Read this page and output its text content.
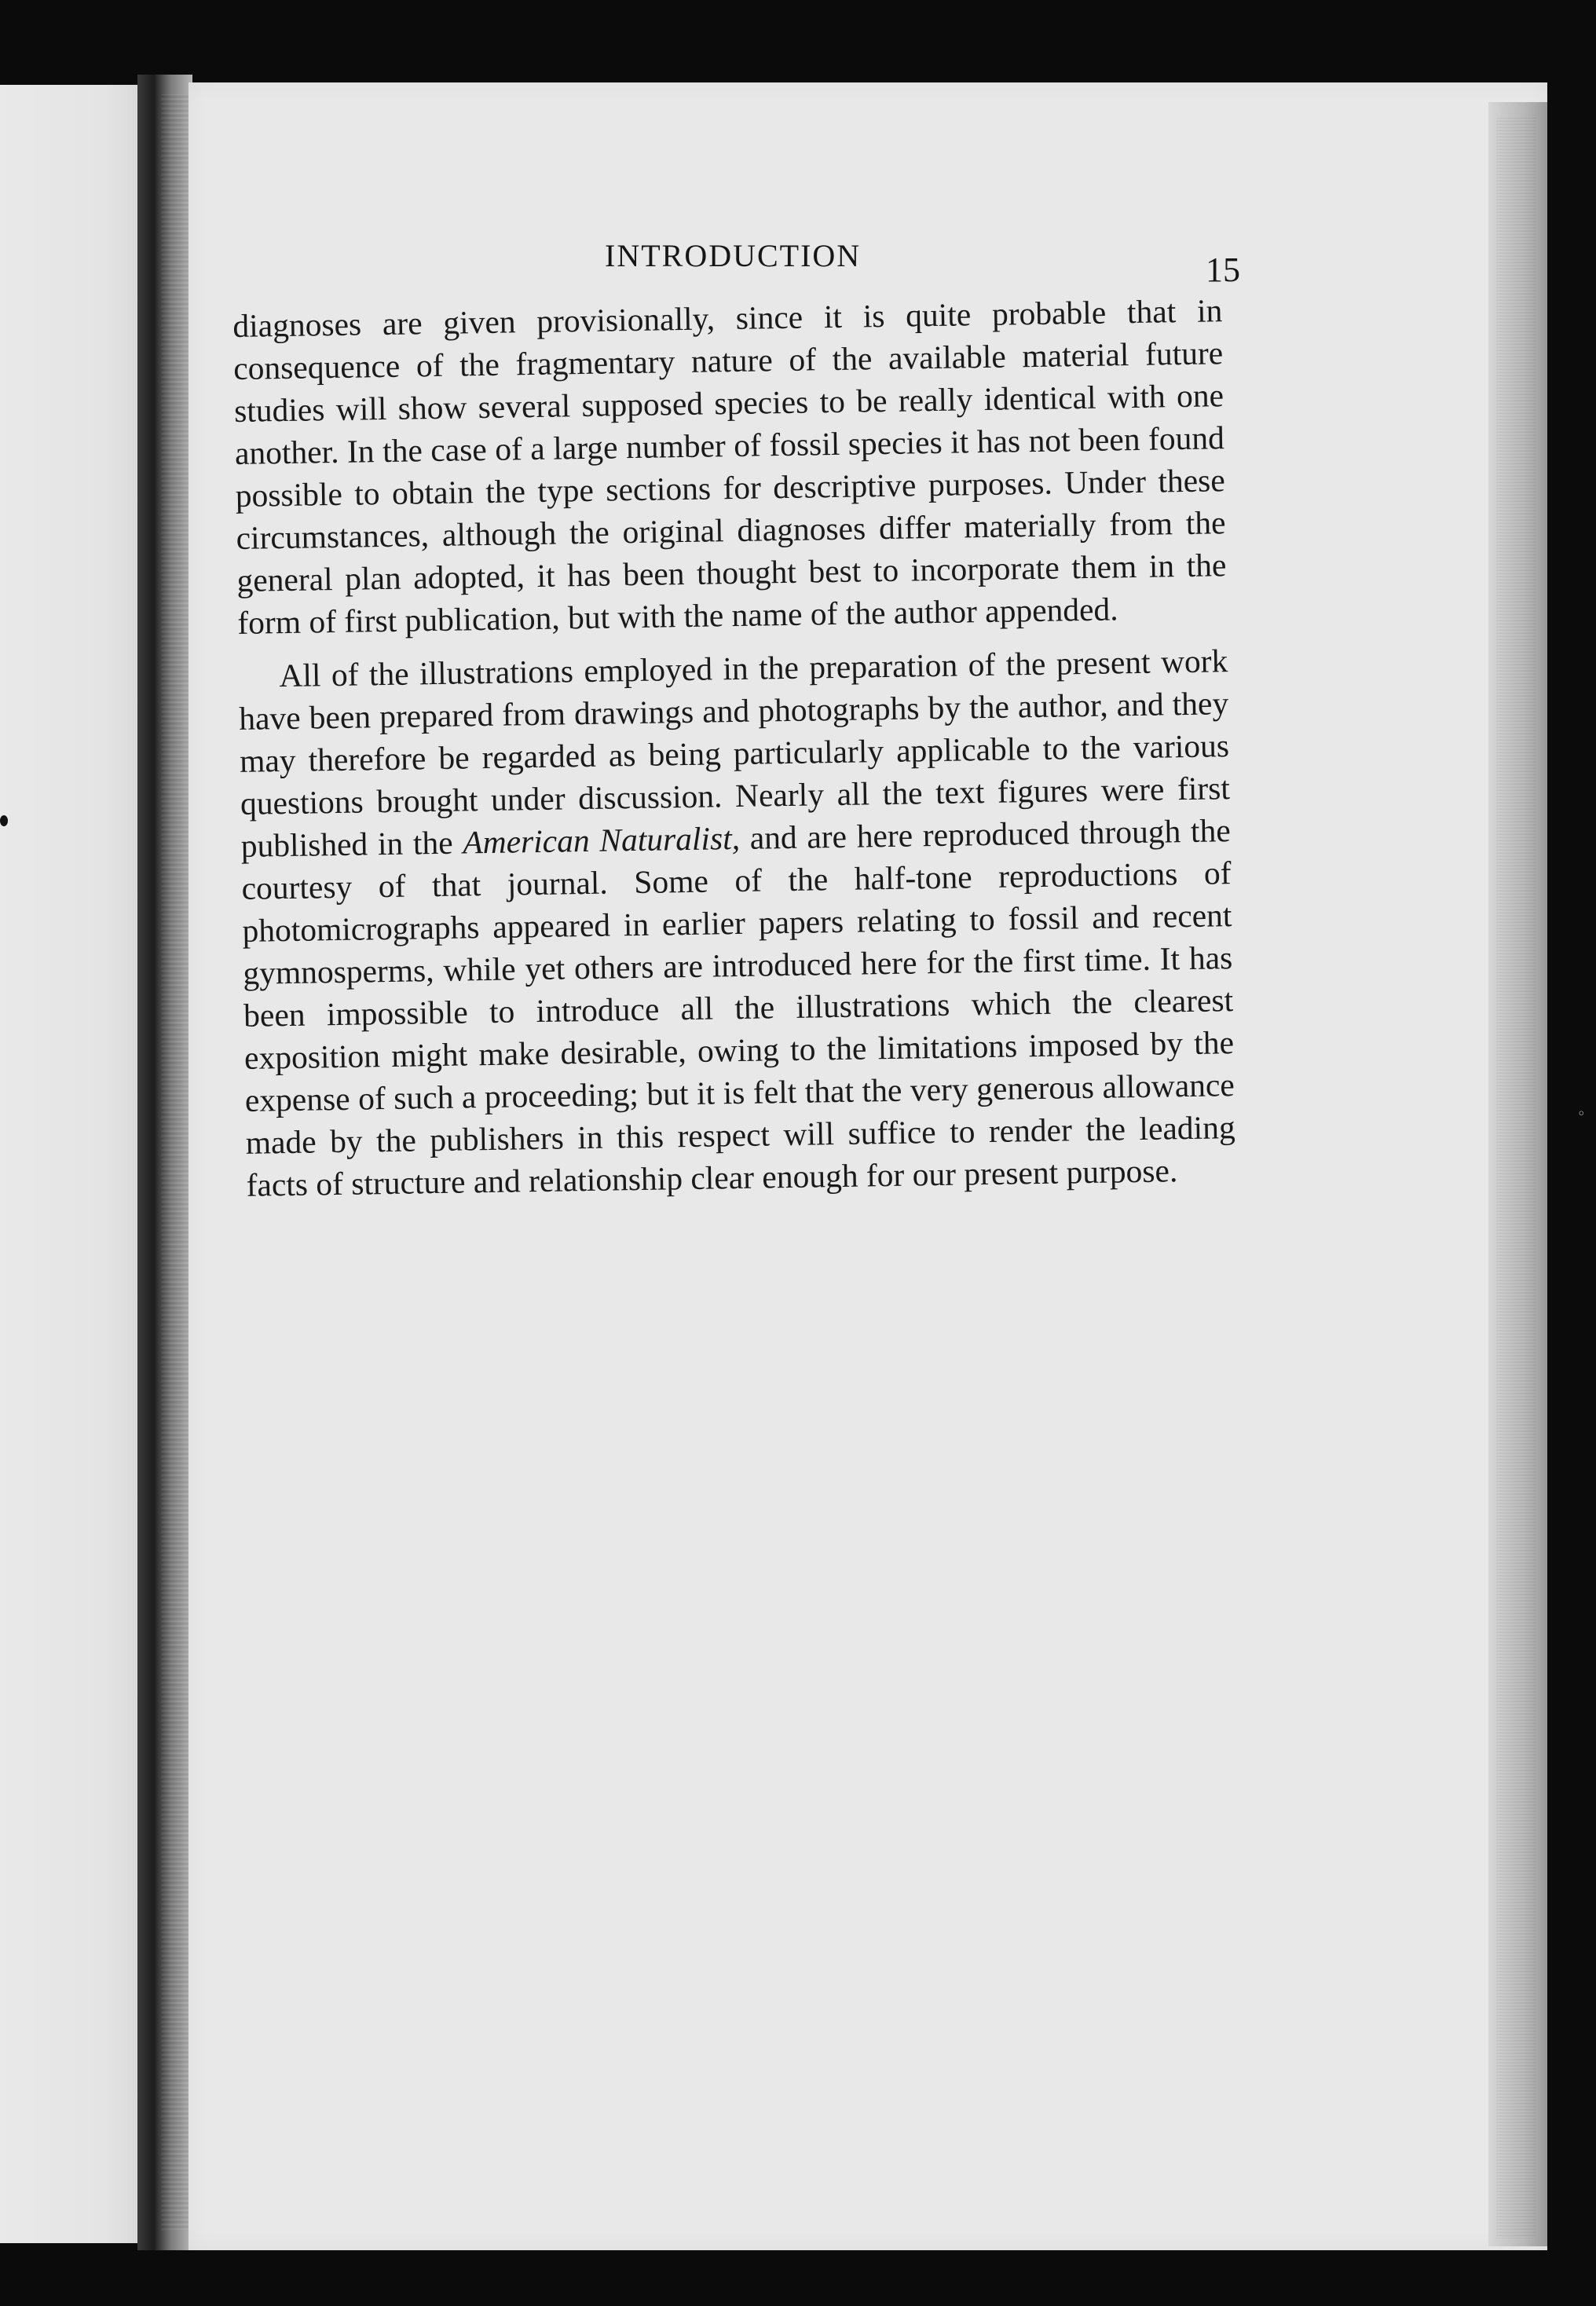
◦
INTRODUCTION	15

diagnoses are given provisionally, since it is quite probable that in consequence of the fragmentary nature of the available material future studies will show several supposed species to be really identical with one another. In the case of a large number of fossil species it has not been found possible to obtain the type sections for descriptive purposes. Under these circumstances, although the original diagnoses differ materially from the general plan adopted, it has been thought best to incorporate them in the form of first publication, but with the name of the author appended.

All of the illustrations employed in the preparation of the present work have been prepared from drawings and photographs by the author, and they may therefore be regarded as being particularly applicable to the various questions brought under discussion. Nearly all the text figures were first published in the American Naturalist, and are here reproduced through the courtesy of that journal. Some of the half-tone reproductions of photomicrographs appeared in earlier papers relating to fossil and recent gymnosperms, while yet others are introduced here for the first time. It has been impossible to introduce all the illustrations which the clearest exposition might make desirable, owing to the limitations imposed by the expense of such a proceeding; but it is felt that the very generous allowance made by the publishers in this respect will suffice to render the leading facts of structure and relationship clear enough for our present purpose.
